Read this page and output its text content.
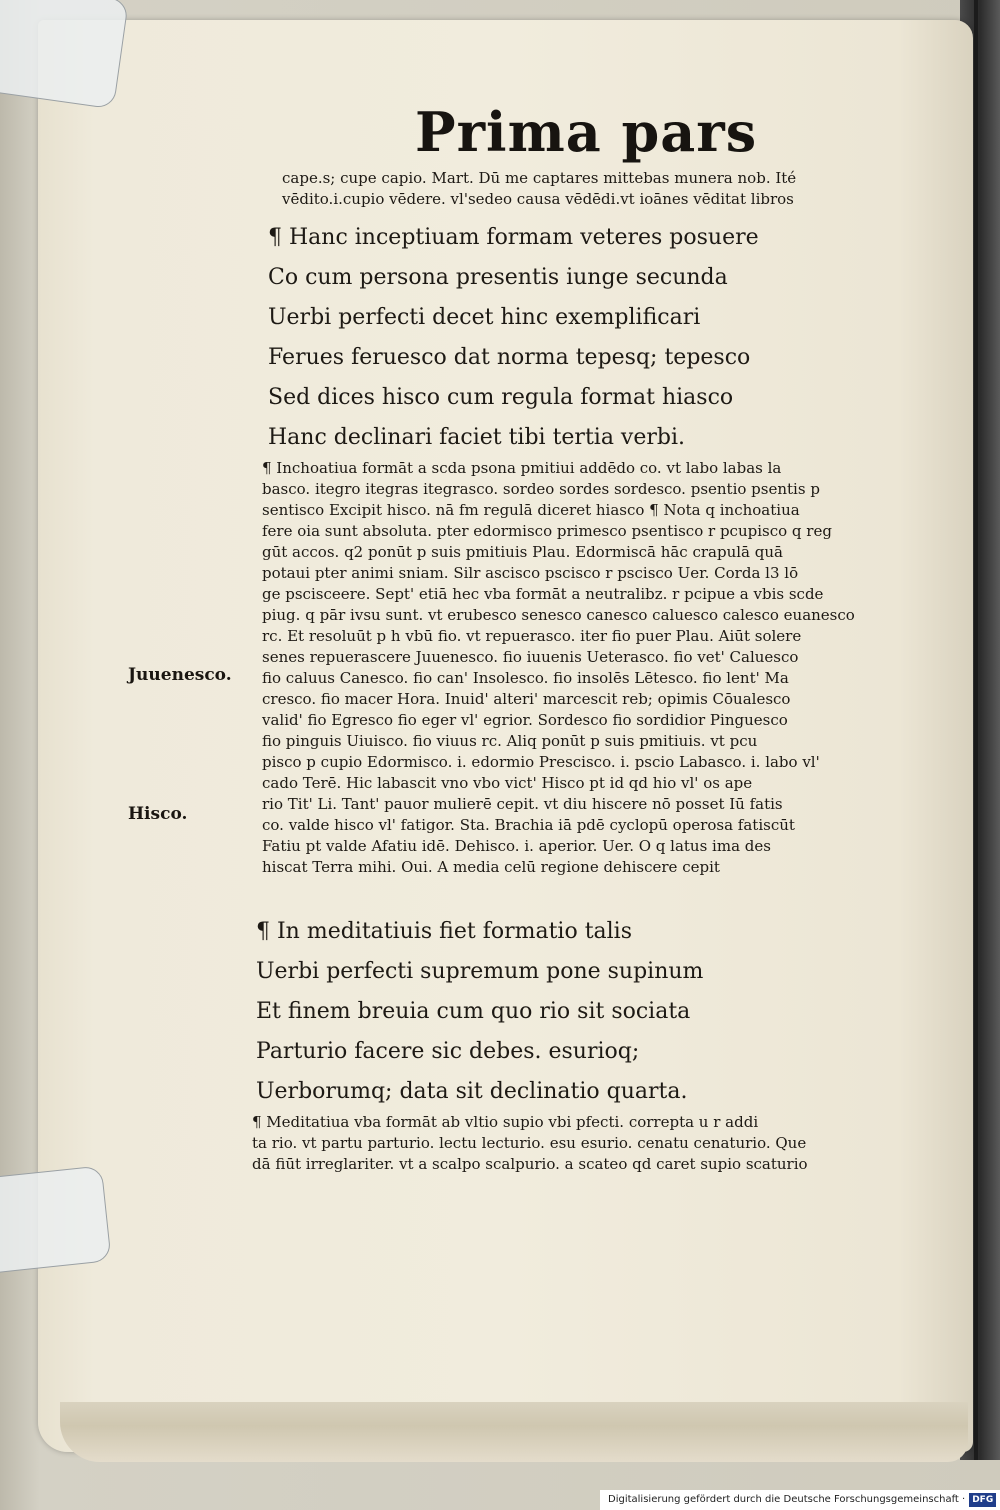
Prima pars
cape.s; cupe capio. Mart. Dū me captares mittebas munera nob. Ité
vēdito.i.cupio vēdere. vl'sedeo causa vēdēdi.vt ioānes vēditat libros
¶ Hanc inceptiuam formam veteres posuere
Co cum persona presentis iunge secunda
Uerbi perfecti decet hinc exemplificari
Ferues feruesco dat norma tepesq; tepesco
Sed dices hisco cum regula format hiasco
Hanc declinari faciet tibi tertia verbi.
¶ Inchoatiua formāt a scda psona pmitiui addēdo co. vt labo labas la
basco. itegro itegras itegrasco. sordeo sordes sordesco. psentio psentis p
sentisco Excipit hisco. nā fm regulā diceret hiasco ¶ Nota q inchoatiua
fere oia sunt absoluta. pter edormisco primesco psentisco r pcupisco q reg
gūt accos. q2 ponūt p suis pmitiuis Plau. Edormiscā hāc crapulā quā
potaui pter animi sniam. Silr ascisco pscisco r pscisco Uer. Corda l3 lō
ge pscisceere. Sept' etiā hec vba formāt a neutralibz. r pcipue a vbis scde
piug. q pār ivsu sunt. vt erubesco senesco canesco caluesco calesco euanesco
rc. Et resoluūt p h vbū fio. vt repuerasco. iter fio puer Plau. Aiūt solere
senes repuerascere Juuenesco. fio iuuenis Ueterasco. fio vet' Caluesco
fio caluus Canesco. fio can' Insolesco. fio insolēs Lētesco. fio lent' Ma
cresco. fio macer Hora. Inuid' alteri' marcescit reb; opimis Cōualesco
valid' fio Egresco fio eger vl' egrior. Sordesco fio sordidior Pinguesco
fio pinguis Uiuisco. fio viuus rc. Aliq ponūt p suis pmitiuis. vt pcu
pisco p cupio Edormisco. i. edormio Prescisco. i. pscio Labasco. i. labo vl'
cado Terē. Hic labascit vno vbo vict' Hisco pt id qd hio vl' os ape
rio Tit' Li. Tant' pauor mulierē cepit. vt diu hiscere nō posset Iū fatis
co. valde hisco vl' fatigor. Sta. Brachia iā pdē cyclopū operosa fatiscūt
Fatiu pt valde Afatiu idē. Dehisco. i. aperior. Uer. O q latus ima des
hiscat Terra mihi. Oui. A media celū regione dehiscere cepit
Juuenesco.
Hisco.
¶ In meditatiuis fiet formatio talis
Uerbi perfecti supremum pone supinum
Et finem breuia cum quo rio sit sociata
Parturio facere sic debes. esurioq;
Uerborumq; data sit declinatio quarta.
¶ Meditatiua vba formāt ab vltio supio vbi pfecti. correpta u r addi
ta rio. vt partu parturio. lectu lecturio. esu esurio. cenatu cenaturio. Que
dā fiūt irreglariter. vt a scalpo scalpurio. a scateo qd caret supio scaturio
Digitalisierung gefördert durch die Deutsche Forschungsgemeinschaft · DFG
